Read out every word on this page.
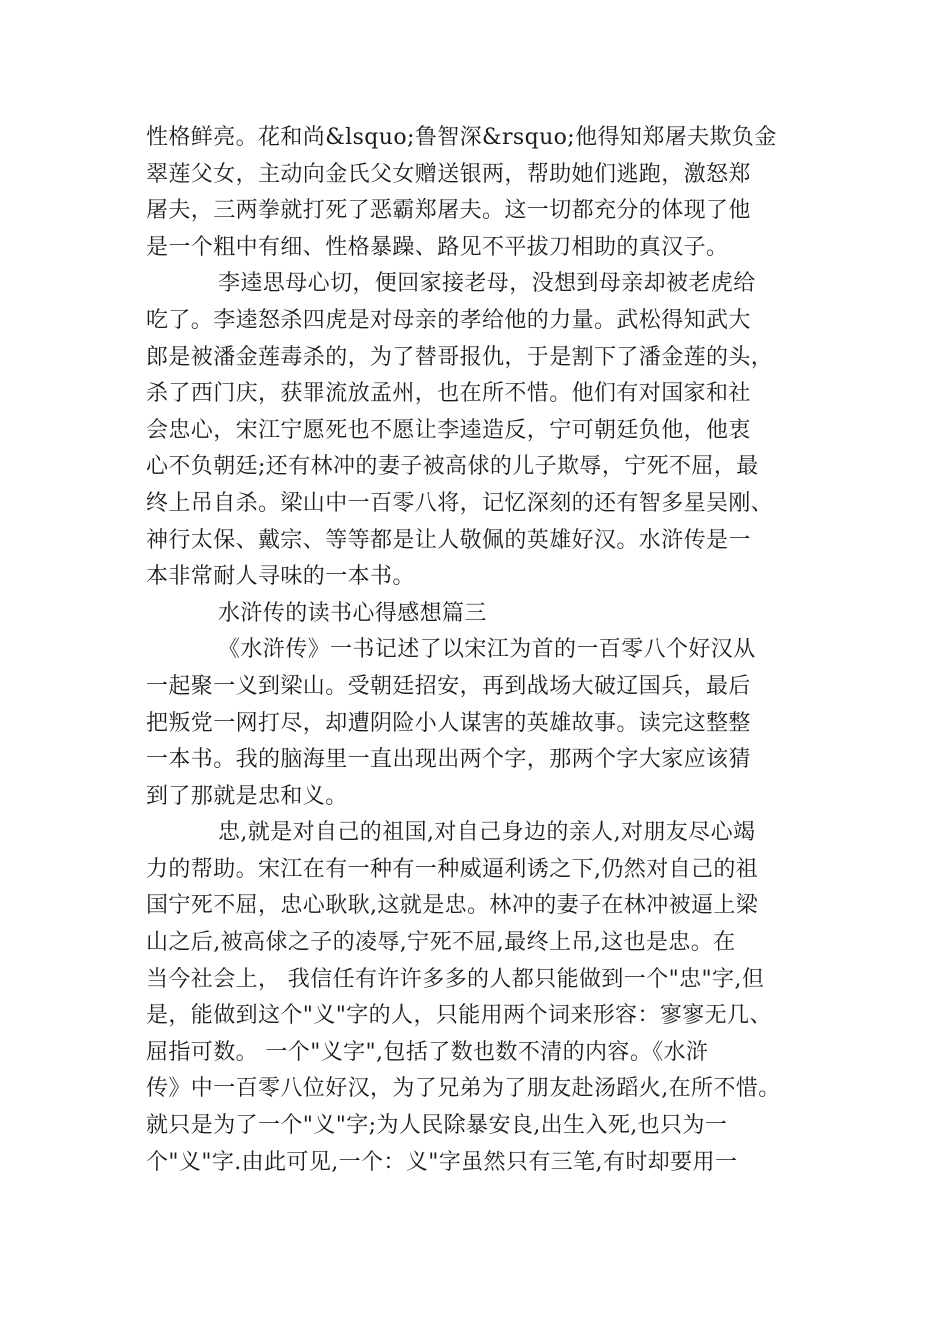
性格鲜亮。花和尚&lsquo;鲁智深&rsquo;他得知郑屠夫欺负金
翠莲父女，主动向金氏父女赠送银两，帮助她们逃跑，激怒郑
屠夫，三两拳就打死了恶霸郑屠夫。这一切都充分的体现了他
是一个粗中有细、性格暴躁、路见不平拔刀相助的真汉子。
李逵思母心切，便回家接老母，没想到母亲却被老虎给
吃了。李逵怒杀四虎是对母亲的孝给他的力量。武松得知武大
郎是被潘金莲毒杀的，为了替哥报仇，于是割下了潘金莲的头，
杀了西门庆，获罪流放孟州，也在所不惜。他们有对国家和社
会忠心，宋江宁愿死也不愿让李逵造反，宁可朝廷负他，他衷
心不负朝廷;还有林冲的妻子被高俅的儿子欺辱，宁死不屈，最
终上吊自杀。梁山中一百零八将，记忆深刻的还有智多星吴刚、
神行太保、戴宗、等等都是让人敬佩的英雄好汉。水浒传是一
本非常耐人寻味的一本书。
水浒传的读书心得感想篇三
《水浒传》一书记述了以宋江为首的一百零八个好汉从
一起聚一义到梁山。受朝廷招安，再到战场大破辽国兵，最后
把叛党一网打尽，却遭阴险小人谋害的英雄故事。读完这整整
一本书。我的脑海里一直出现出两个字，那两个字大家应该猜
到了那就是忠和义。
忠,就是对自己的祖国,对自己身边的亲人,对朋友尽心竭
力的帮助。宋江在有一种有一种威逼利诱之下,仍然对自己的祖
国宁死不屈，忠心耿耿,这就是忠。林冲的妻子在林冲被逼上梁
山之后,被高俅之子的凌辱,宁死不屈,最终上吊,这也是忠。在
当今社会上， 我信任有许许多多的人都只能做到一个"忠"字,但
是，能做到这个"义"字的人，只能用两个词来形容：寥寥无几、
屈指可数。 一个"义字",包括了数也数不清的内容。《水浒
传》中一百零八位好汉，为了兄弟为了朋友赴汤蹈火,在所不惜。
就只是为了一个"义"字;为人民除暴安良,出生入死,也只为一
个"义"字.由此可见,一个：义"字虽然只有三笔,有时却要用一
